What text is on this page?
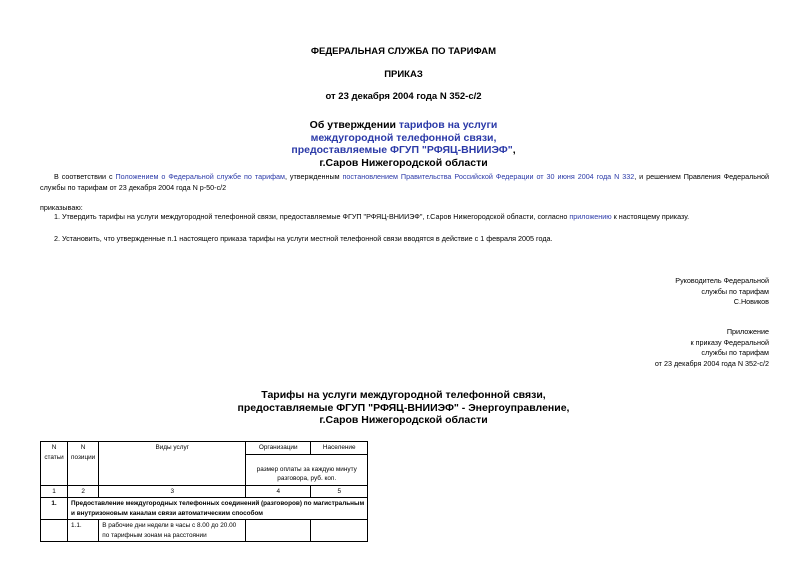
ФЕДЕРАЛЬНАЯ СЛУЖБА ПО ТАРИФАМ
ПРИКАЗ
от 23 декабря 2004 года N 352-с/2
Об утверждении тарифов на услуги междугородной телефонной связи, предоставляемые ФГУП "РФЯЦ-ВНИИЭФ",
г.Саров Нижегородской области
В соответствии с Положением о Федеральной службе по тарифам, утвержденным постановлением Правительства Российской Федерации от 30 июня 2004 года N 332, и решением Правления Федеральной службы по тарифам от 23 декабря 2004 года N р-50-с/2
приказываю:
1. Утвердить тарифы на услуги междугородной телефонной связи, предоставляемые ФГУП "РФЯЦ-ВНИИЭФ", г.Саров Нижегородской области, согласно приложению к настоящему приказу.
2. Установить, что утвержденные п.1 настоящего приказа тарифы на услуги местной телефонной связи вводятся в действие с 1 февраля 2005 года.
Руководитель Федеральной
службы по тарифам
С.Новиков
Приложение
к приказу Федеральной
службы по тарифам
от 23 декабря 2004 года N 352-с/2
Тарифы на услуги междугородной телефонной связи,
предоставляемые ФГУП "РФЯЦ-ВНИИЭФ" - Энергоуправление,
г.Саров Нижегородской области
N статьи	N позиции	Виды услуг	Организации	Население
			размер оплаты за каждую минуту разговора, руб. коп.	
1	2	3	4	5
1.	Предоставление междугородных телефонных соединений (разговоров) по магистральным и внутризоновым каналам связи автоматическим способом			
	1.1.	В рабочие дни недели в часы с 8.00 до 20.00 по тарифным зонам на расстоянии		
